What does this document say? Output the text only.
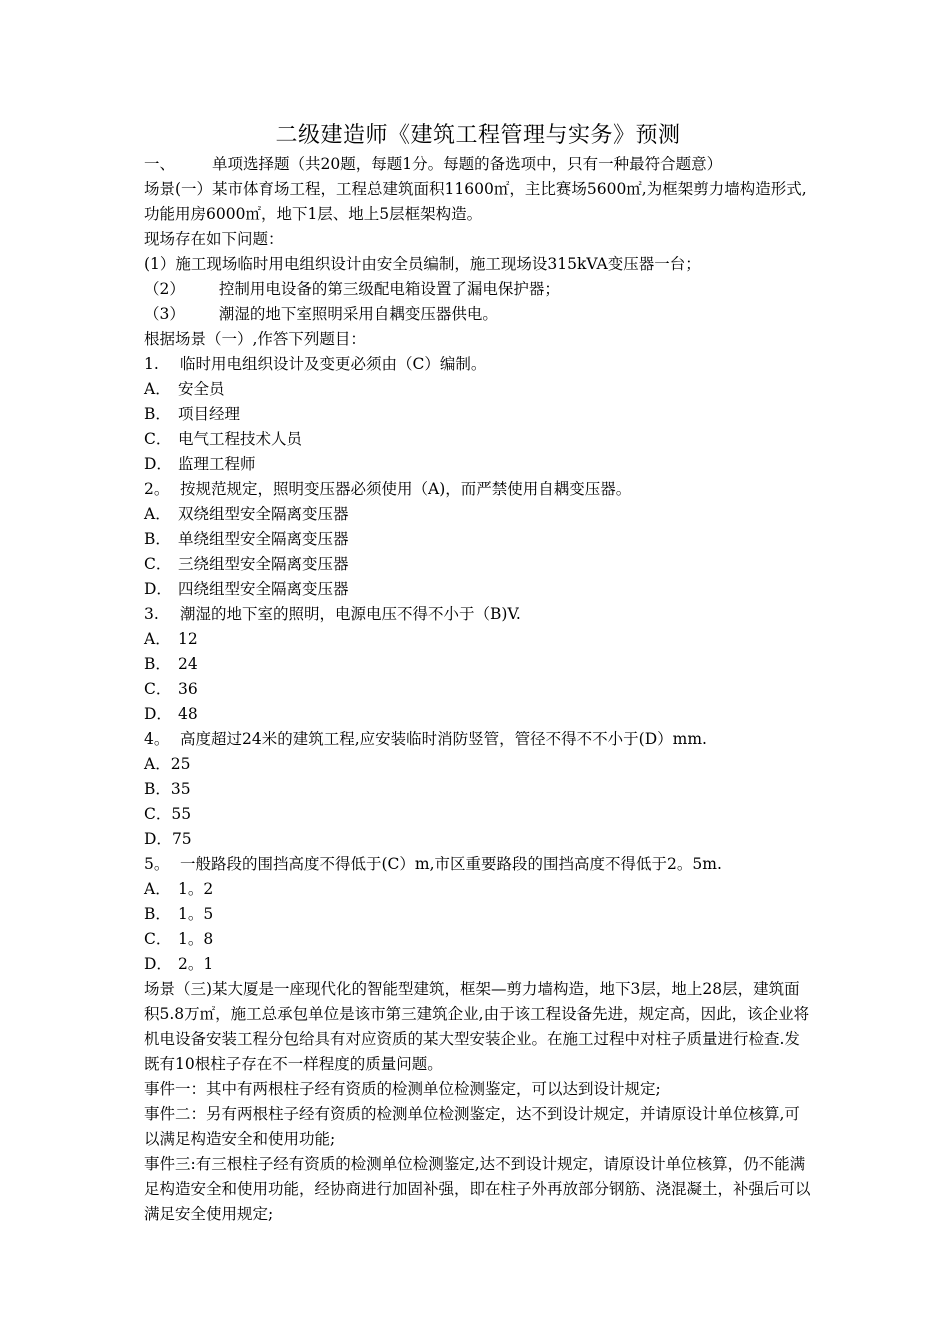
二级建造师《建筑工程管理与实务》预测
一、 单项选择题（共20题，每题1分。每题的备选项中，只有一种最符合题意）
场景(一）某市体育场工程，工程总建筑面积11600㎡，主比赛场5600㎡,为框架剪力墙构造形式,功能用房6000㎡，地下1层、地上5层框架构造。
现场存在如下问题：
(1）施工现场临时用电组织设计由安全员编制，施工现场设315kVA变压器一台；
（2） 控制用电设备的第三级配电箱设置了漏电保护器；
（3） 潮湿的地下室照明采用自耦变压器供电。
根据场景（一）,作答下列题目：
1. 临时用电组织设计及变更必须由（C）编制。
A． 安全员
B． 项目经理
C． 电气工程技术人员
D． 监理工程师
2。 按规范规定，照明变压器必须使用（A)，而严禁使用自耦变压器。
A． 双绕组型安全隔离变压器
B． 单绕组型安全隔离变压器
C． 三绕组型安全隔离变压器
D． 四绕组型安全隔离变压器
3. 潮湿的地下室的照明，电源电压不得不小于（B)V.
A． 12
B． 24
C． 36
D． 48
4。 高度超过24米的建筑工程,应安装临时消防竖管，管径不得不不小于(D）mm.
A．25
B．35
C．55
D．75
5。 一般路段的围挡高度不得低于(C）m,市区重要路段的围挡高度不得低于2。5m.
A． 1。2
B． 1。5
C． 1。8
D． 2。1
场景（三)某大厦是一座现代化的智能型建筑，框架—剪力墙构造，地下3层，地上28层，建筑面积5.8万㎡，施工总承包单位是该市第三建筑企业,由于该工程设备先进，规定高，因此，该企业将机电设备安装工程分包给具有对应资质的某大型安装企业。在施工过程中对柱子质量进行检查.发既有10根柱子存在不一样程度的质量问题。
事件一：其中有两根柱子经有资质的检测单位检测鉴定，可以达到设计规定;
事件二：另有两根柱子经有资质的检测单位检测鉴定，达不到设计规定，并请原设计单位核算,可以满足构造安全和使用功能;
事件三:有三根柱子经有资质的检测单位检测鉴定,达不到设计规定，请原设计单位核算，仍不能满足构造安全和使用功能，经协商进行加固补强，即在柱子外再放部分钢筋、浇混凝土，补强后可以满足安全使用规定;
